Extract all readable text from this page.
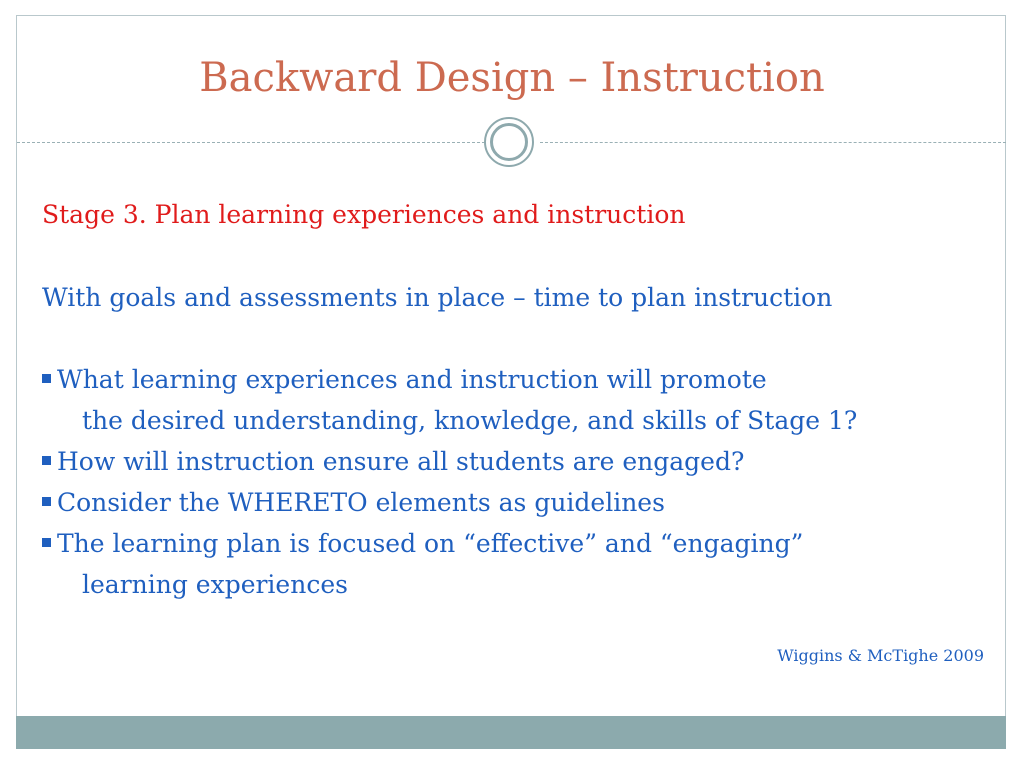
Backward Design – Instruction
Stage 3. Plan learning experiences and instruction
With goals and assessments in place – time to plan instruction
What learning experiences and instruction will promote
the desired understanding, knowledge, and skills of Stage 1?
How will instruction ensure all students are engaged?
Consider the WHERETO elements as guidelines
The learning plan is focused on “effective” and “engaging”
learning experiences
Wiggins & McTighe 2009
